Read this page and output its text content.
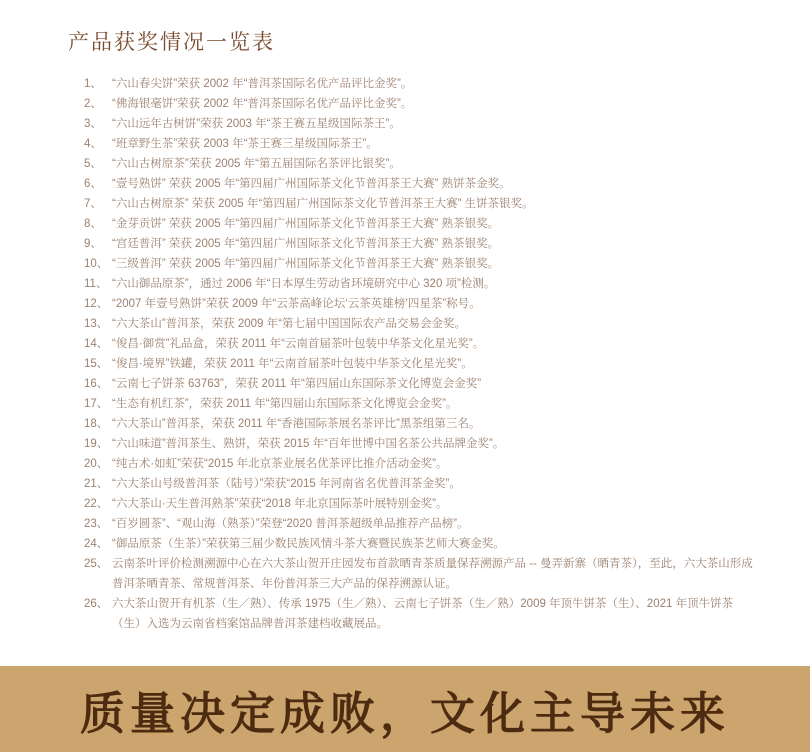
产品获奖情况一览表
1、 “六山春尖饼”荣获 2002 年“普洱茶国际名优产品评比金奖”。
2、 “佛海银毫饼”荣获 2002 年“普洱茶国际名优产品评比金奖”。
3、 “六山远年古树饼”荣获 2003 年“茶王赛五星级国际茶王”。
4、 “班章野生茶”荣获 2003 年“茶王赛三星级国际茶王”。
5、 “六山古树原茶”荣获 2005 年“第五届国际名茶评比银奖”。
6、 “壹号熟饼” 荣获 2005 年“第四届广州国际茶文化节普洱茶王大赛” 熟饼茶金奖。
7、 “六山古树原茶” 荣获 2005 年“第四届广州国际茶文化节普洱茶王大赛” 生饼茶银奖。
8、 “金芽贡饼” 荣获 2005 年“第四届广州国际茶文化节普洱茶王大赛” 熟茶银奖。
9、 “宫廷普洱” 荣获 2005 年“第四届广州国际茶文化节普洱茶王大赛” 熟茶银奖。
10、 “三级普洱” 荣获 2005 年“第四届广州国际茶文化节普洱茶王大赛” 熟茶银奖。
11、 “六山御品原茶”，通过 2006 年“日本厚生劳动省环境研究中心 320 项”检测。
12、 “2007 年壹号熟饼”荣获 2009 年“云茶高峰论坛‘云茶英雄榜’四星茶”称号。
13、 “六大茶山”普洱茶，荣获 2009 年“第七届中国国际农产品交易会金奖。
14、 “俊昌·御赏”礼品盒，荣获 2011 年“云南首届茶叶包装中华茶文化星光奖”。
15、 “俊昌·境界”铁罐，荣获 2011 年“云南首届茶叶包装中华茶文化星光奖”。
16、 “云南七子饼茶 63763”，荣获 2011 年“第四届山东国际茶文化博览会金奖”
17、 “生态有机红茶”，荣获 2011 年“第四届山东国际茶文化博览会金奖”。
18、 “六大茶山”普洱茶，荣获 2011 年“香港国际茶展名茶评比”黑茶组第三名。
19、 “六山味道”普洱茶生、熟饼，荣获 2015 年“百年世博中国名茶公共品牌金奖”。
20、 “纯古术·如虹”荣获“2015 年北京茶业展名优茶评比推介活动金奖”。
21、 “六大茶山号级普洱茶（陆号）”荣获“2015 年河南省名优普洱茶金奖”。
22、 “六大茶山·天生普洱熟茶”荣获“2018 年北京国际茶叶展特别金奖”。
23、 “百岁圆茶”、“观山海（熟茶）”荣登“2020 普洱茶超级单品推荐产品榜”。
24、 “御品原茶（生茶）”荣获第三届少数民族风情斗茶大赛暨民族茶艺师大赛金奖。
25、 云南茶叶评价检测溯源中心在六大茶山贺开庄园发布首款晒青茶质量保荐溯源产品 -- 曼弄新寨（晒青茶），至此，六大茶山形成普洱茶晒青茶、常规普洱茶、年份普洱茶三大产品的保荐溯源认证。
26、 六大茶山贺开有机茶（生／熟）、传承 1975（生／熟）、云南七子饼茶（生／熟）2009 年顶牛饼茶（生）、2021 年顶牛饼茶（生）入选为云南省档案馆品牌普洱茶建档收藏展品。
质量决定成败，文化主导未来
